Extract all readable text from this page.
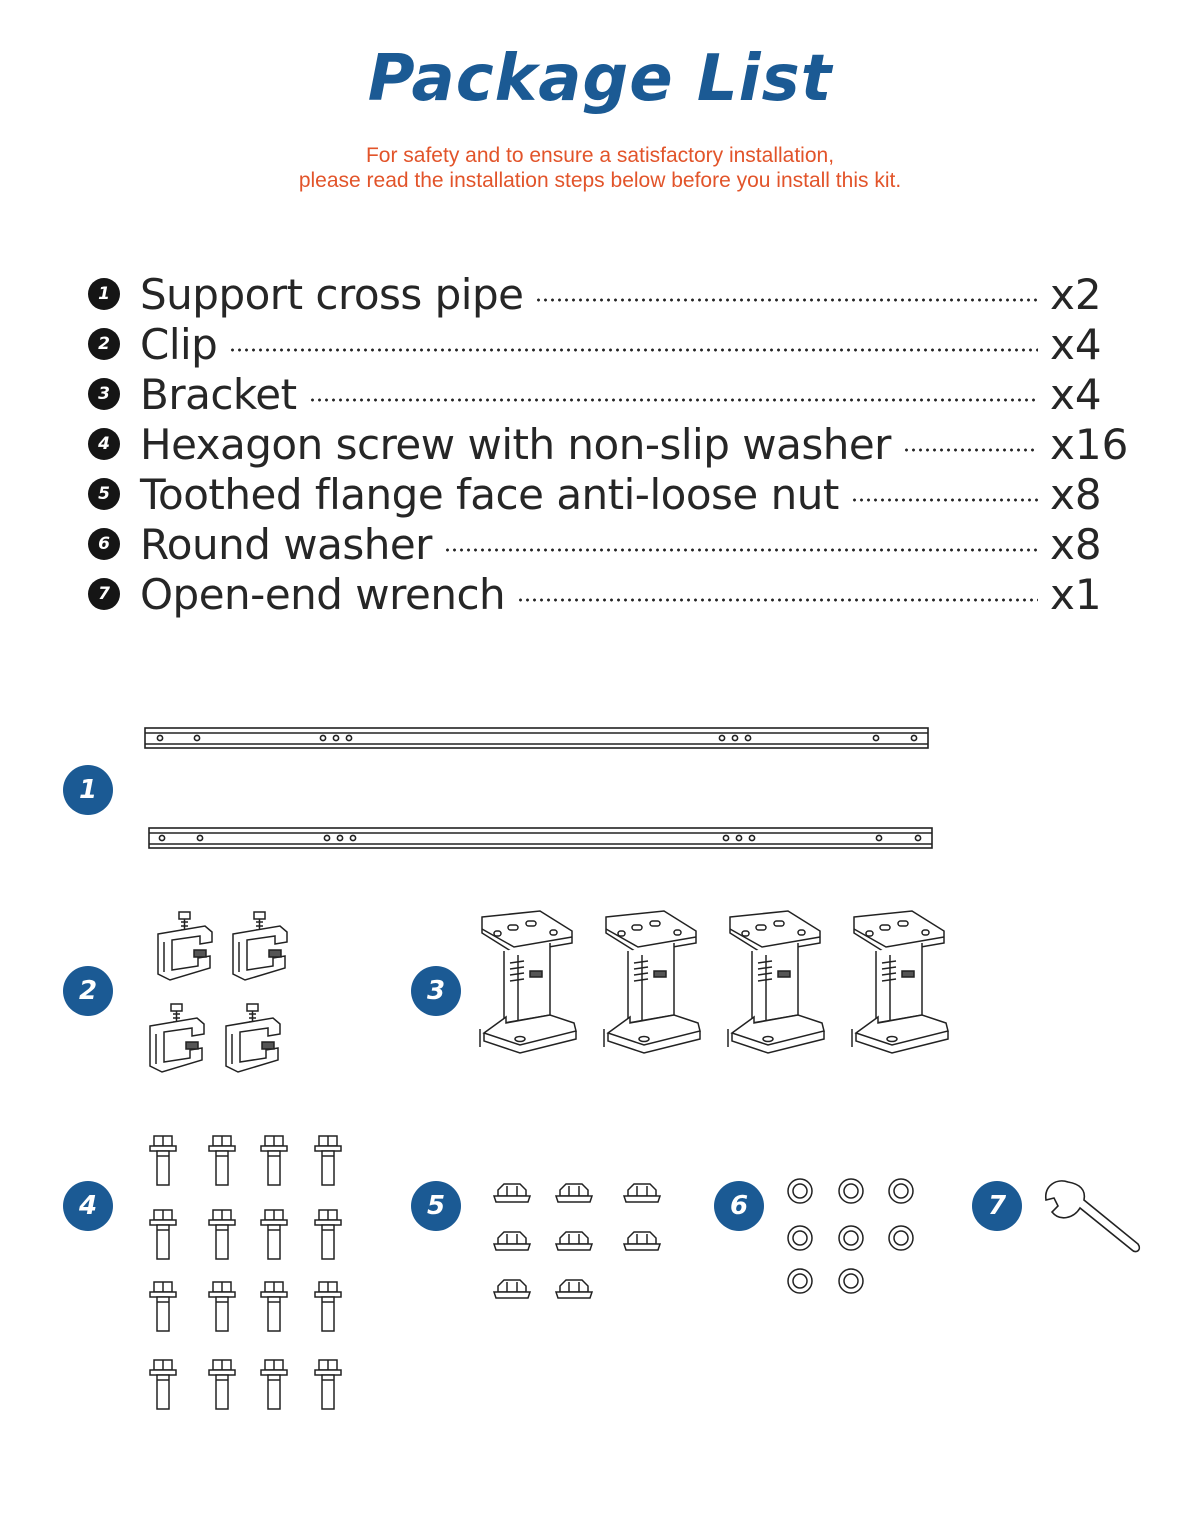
Package List
For safety and to ensure a satisfactory installation,
please read the installation steps below before you install this kit.
1 Support cross pipe	x2
2 Clip	x4
3 Bracket	x4
4 Hexagon screw with non-slip washer	x16
5 Toothed flange face anti-loose nut	x8
6 Round washer	x8
7 Open-end wrench	x1
1
2	3
4	5	6	7
